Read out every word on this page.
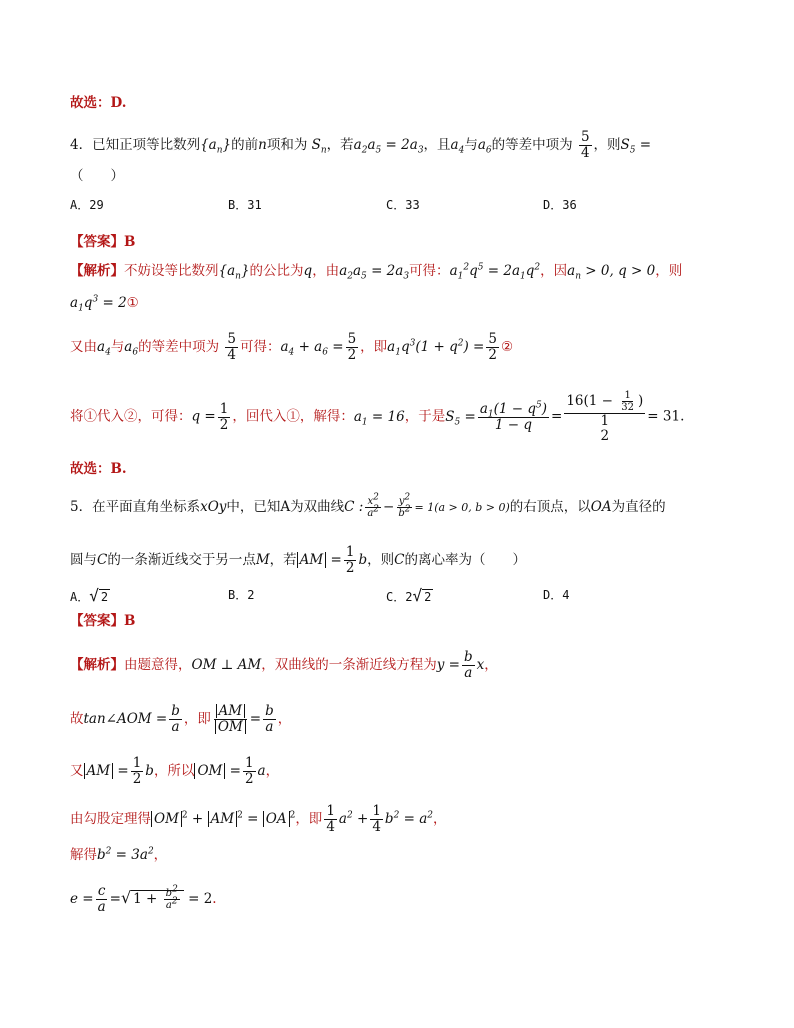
故选：D.
4．已知正项等比数列$\{a_n\}$的前n项和为 $S_n$，若$a_2a_5 = 2a_3$，且$a_4$与$a_6$的等差中项为 $\frac{5}{4}$ ，则$S_5$ =
（　　）
A．29	B．31	C．33	D．36
【答案】B
【解析】不妨设等比数列$\{a_n\}$的公比为q，由$a_2a_5 = 2a_3$可得：$a_1^2q^5 = 2a_1q^2$，因$a_n > 0$, q > 0，则
$a_1q^3$ = 2①
又由$a_4$与$a_6$的等差中项为 $\frac{5}{4}$ 可得：$a_4 + a_6 = \frac{5}{2}$ ，即$a_1q^3(1 + q^2) = \frac{5}{2}$ ②
将①代入②，可得：$q = \frac{1}{2}$ ，回代入①，解得：$a_1 = 16$，于是$S_5 = \frac{a_1(1 - q^5)}{1 - q}$ =
$16(1 - \frac{1}{32}$ )
1
2
= 31.
故选：B.
5．在平面直角坐标系xOy中，已知A为双曲线C : $\frac{x^2}{a^2} - \frac{y^2}{b^2} = 1(a > 0$, b > 0)的右顶点，以OA为直径的
圆与C的一条渐近线交于另一点M，若 AM = $\frac{1}{2}$ b，则C的离心率为（　　）
A．√ 2	B．2	C．2√ 2	D．4
【答案】B
【解析】由题意得，OM ⊥ AM，双曲线的一条渐近线方程为$y = \frac{b}{a}$ x，
故tan∠AOM = $\frac{b}{a}$ ，即 $\frac{AM}{OM} = \frac{b}{a}$ ，
又 AM = $\frac{1}{2}$ b，所以 OM = $\frac{1}{2}$ a，
由勾股定理得 OM $^2$ + AM $^2$ = OA $^2$，即 $\frac{1}{4} a^2 + \frac{1}{4} b^2 = a^2$，
解得$b^2 = 3a^2$，
$e = \frac{c}{a}$ =√ $1 + \frac{b^2}{a^2} = 2$.
